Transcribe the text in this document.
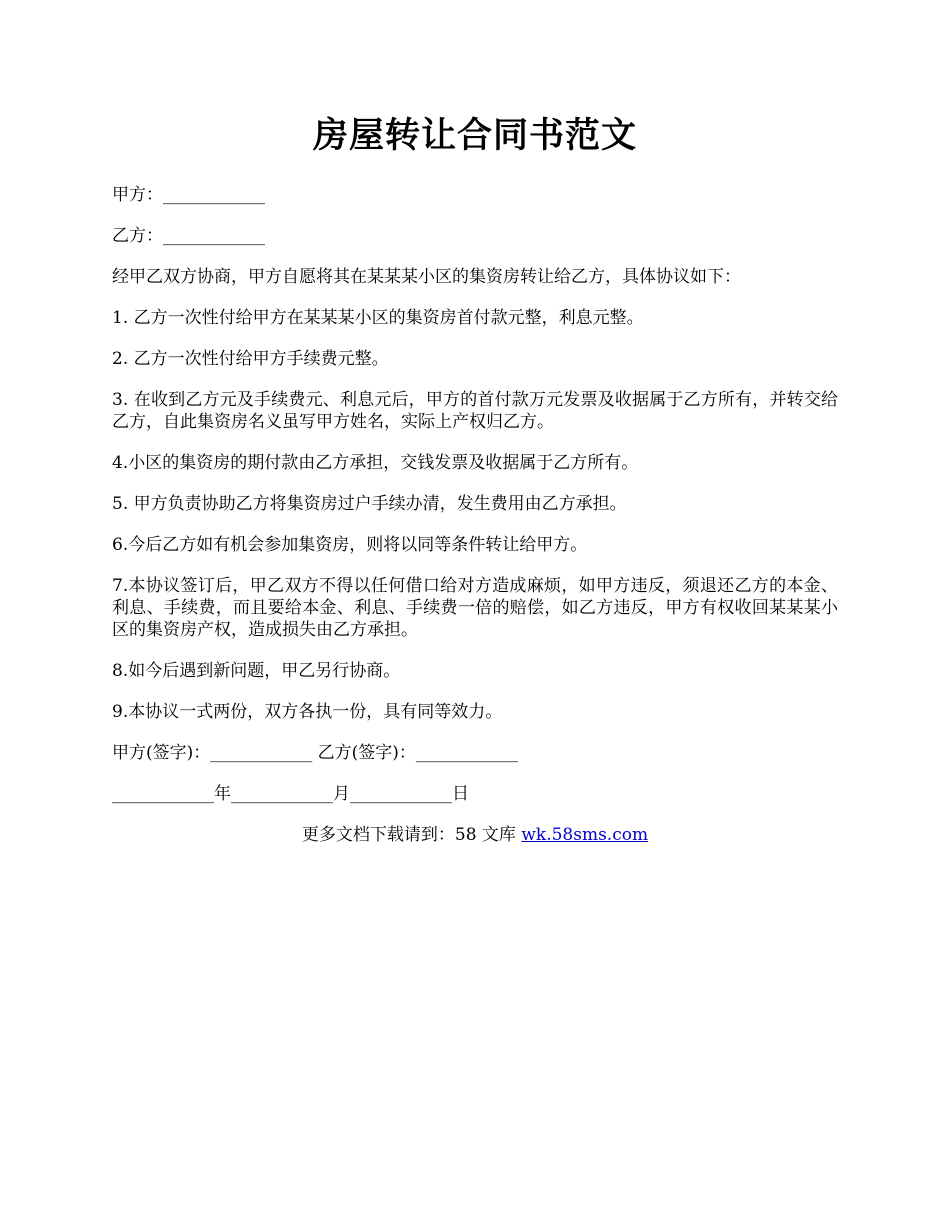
房屋转让合同书范文

甲方：____________

乙方：____________

经甲乙双方协商，甲方自愿将其在某某某小区的集资房转让给乙方，具体协议如下：

1. 乙方一次性付给甲方在某某某小区的集资房首付款元整，利息元整。

2. 乙方一次性付给甲方手续费元整。

3. 在收到乙方元及手续费元、利息元后，甲方的首付款万元发票及收据属于乙方所有，并转交给乙方，自此集资房名义虽写甲方姓名，实际上产权归乙方。

4.小区的集资房的期付款由乙方承担，交钱发票及收据属于乙方所有。

5. 甲方负责协助乙方将集资房过户手续办清，发生费用由乙方承担。

6.今后乙方如有机会参加集资房，则将以同等条件转让给甲方。

7.本协议签订后，甲乙双方不得以任何借口给对方造成麻烦，如甲方违反，须退还乙方的本金、利息、手续费，而且要给本金、利息、手续费一倍的赔偿，如乙方违反，甲方有权收回某某某小区的集资房产权，造成损失由乙方承担。

8.如今后遇到新问题，甲乙另行协商。

9.本协议一式两份，双方各执一份，具有同等效力。

甲方(签字)：____________ 乙方(签字)：____________

____________年____________月____________日

更多文档下载请到：58 文库 wk.58sms.com
